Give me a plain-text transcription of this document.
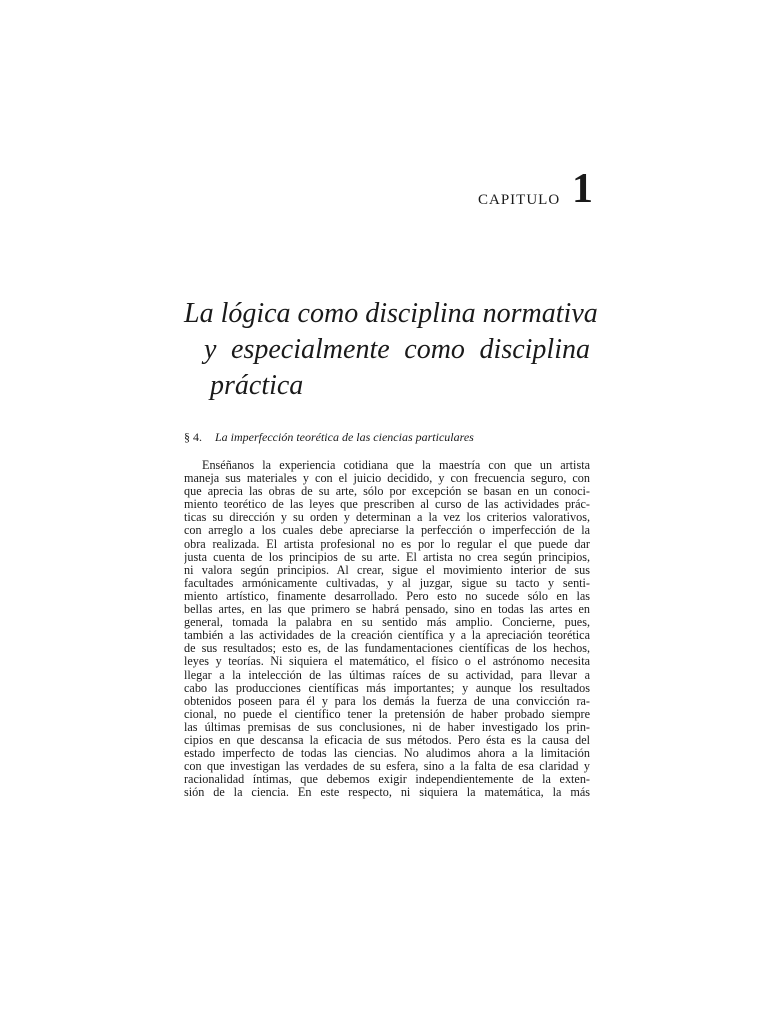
CAPITULO 1
La lógica como disciplina normativa
y especialmente como disciplina
práctica
§ 4. La imperfección teorética de las ciencias particulares
Enséñanos la experiencia cotidiana que la maestría con que un artista
maneja sus materiales y con el juicio decidido, y con frecuencia seguro, con
que aprecia las obras de su arte, sólo por excepción se basan en un conoci-
miento teorético de las leyes que prescriben al curso de las actividades prác-
ticas su dirección y su orden y determinan a la vez los criterios valorativos,
con arreglo a los cuales debe apreciarse la perfección o imperfección de la
obra realizada. El artista profesional no es por lo regular el que puede dar
justa cuenta de los principios de su arte. El artista no crea según principios,
ni valora según principios. Al crear, sigue el movimiento interior de sus
facultades armónicamente cultivadas, y al juzgar, sigue su tacto y senti-
miento artístico, finamente desarrollado. Pero esto no sucede sólo en las
bellas artes, en las que primero se habrá pensado, sino en todas las artes en
general, tomada la palabra en su sentido más amplio. Concierne, pues,
también a las actividades de la creación científica y a la apreciación teorética
de sus resultados; esto es, de las fundamentaciones científicas de los hechos,
leyes y teorías. Ni siquiera el matemático, el físico o el astrónomo necesita
llegar a la intelección de las últimas raíces de su actividad, para llevar a
cabo las producciones científicas más importantes; y aunque los resultados
obtenidos poseen para él y para los demás la fuerza de una convicción ra-
cional, no puede el científico tener la pretensión de haber probado siempre
las últimas premisas de sus conclusiones, ni de haber investigado los prin-
cipios en que descansa la eficacia de sus métodos. Pero ésta es la causa del
estado imperfecto de todas las ciencias. No aludimos ahora a la limitación
con que investigan las verdades de su esfera, sino a la falta de esa claridad y
racionalidad íntimas, que debemos exigir independientemente de la exten-
sión de la ciencia. En este respecto, ni siquiera la matemática, la más
